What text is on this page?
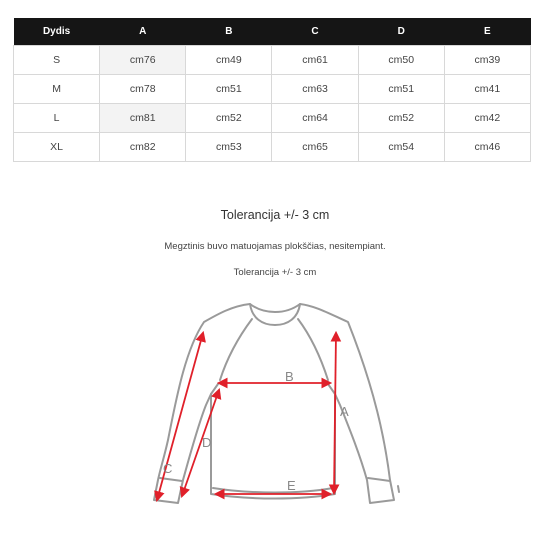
Dydis	A	B	C	D	E
S	cm76	cm49	cm61	cm50	cm39
M	cm78	cm51	cm63	cm51	cm41
L	cm81	cm52	cm64	cm52	cm42
XL	cm82	cm53	cm65	cm54	cm46
Tolerancija +/- 3 cm
Megztinis buvo matuojamas plokščias, nesitempiant.
Tolerancija +/- 3 cm
A
B
C
D
E
